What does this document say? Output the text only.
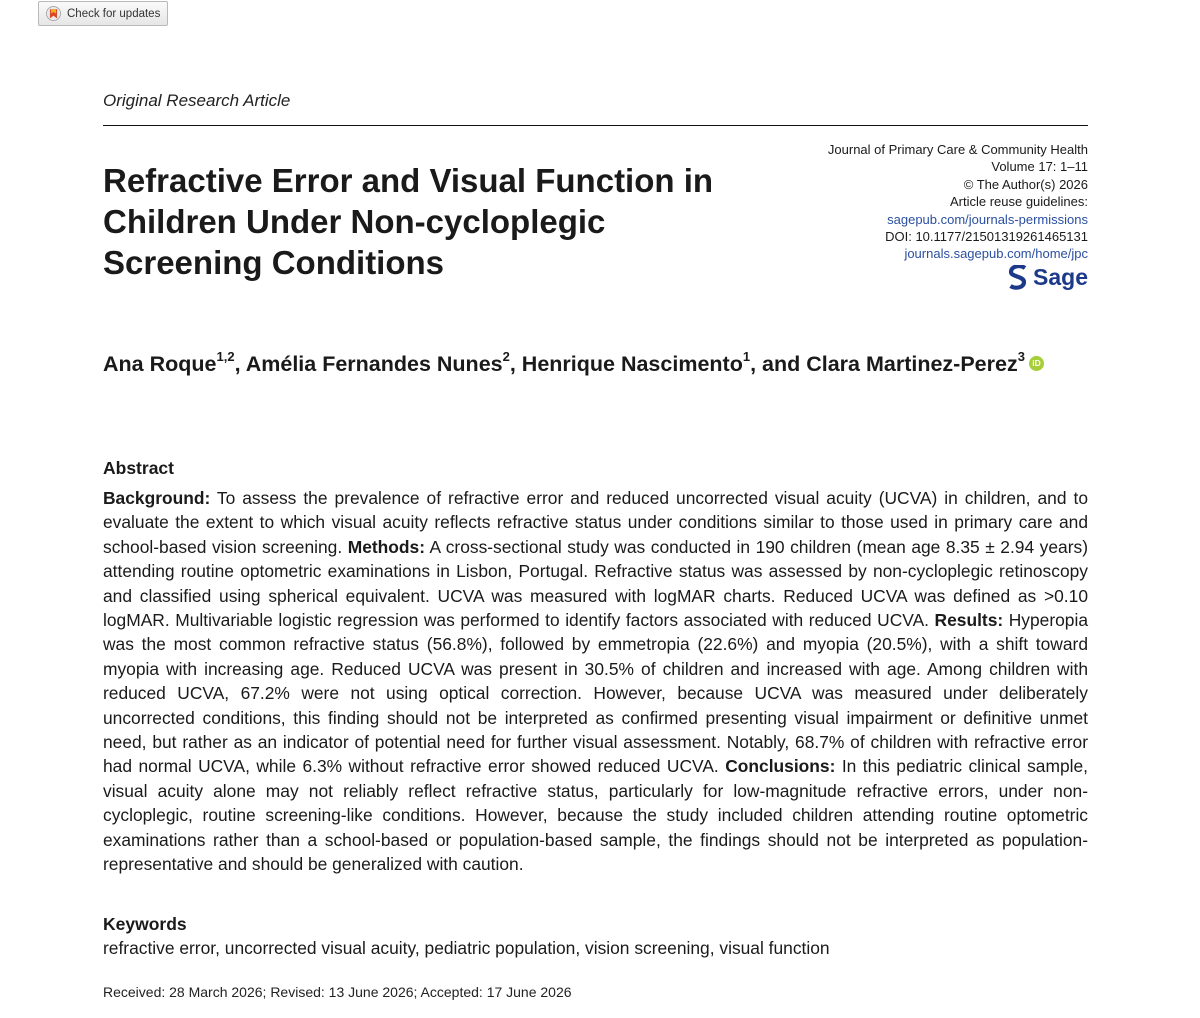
Check for updates
Original Research Article
Refractive Error and Visual Function in
Children Under Non-cycloplegic
Screening Conditions
Journal of Primary Care & Community Health
Volume 17: 1–11
© The Author(s) 2026
Article reuse guidelines:
sagepub.com/journals-permissions
DOI: 10.1177/21501319261465131
journals.sagepub.com/home/jpc
Sage
Ana Roque$^{1,2}$, Amélia Fernandes Nunes$^2$, Henrique Nascimento$^1$, and Clara Martinez-Perez$^3$ iD
Abstract
Background: To assess the prevalence of refractive error and reduced uncorrected visual acuity (UCVA) in children, and to evaluate the extent to which visual acuity reflects refractive status under conditions similar to those used in primary care and school-based vision screening. Methods: A cross-sectional study was conducted in 190 children (mean age 8.35 ± 2.94 years) attending routine optometric examinations in Lisbon, Portugal. Refractive status was assessed by non-cycloplegic retinoscopy and classified using spherical equivalent. UCVA was measured with logMAR charts. Reduced UCVA was defined as >0.10 logMAR. Multivariable logistic regression was performed to identify factors associated with reduced UCVA. Results: Hyperopia was the most common refractive status (56.8%), followed by emmetropia (22.6%) and myopia (20.5%), with a shift toward myopia with increasing age. Reduced UCVA was present in 30.5% of children and increased with age. Among children with reduced UCVA, 67.2% were not using optical correction. However, because UCVA was measured under deliberately uncorrected conditions, this finding should not be interpreted as confirmed presenting visual impairment or definitive unmet need, but rather as an indicator of potential need for further visual assessment. Notably, 68.7% of children with refractive error had normal UCVA, while 6.3% without refractive error showed reduced UCVA. Conclusions: In this pediatric clinical sample, visual acuity alone may not reliably reflect refractive status, particularly for low-magnitude refractive errors, under non-cycloplegic, routine screening-like conditions. However, because the study included children attending routine optometric examinations rather than a school-based or population-based sample, the findings should not be interpreted as population-representative and should be generalized with caution.
Keywords
refractive error, uncorrected visual acuity, pediatric population, vision screening, visual function
Received: 28 March 2026; Revised: 13 June 2026; Accepted: 17 June 2026
